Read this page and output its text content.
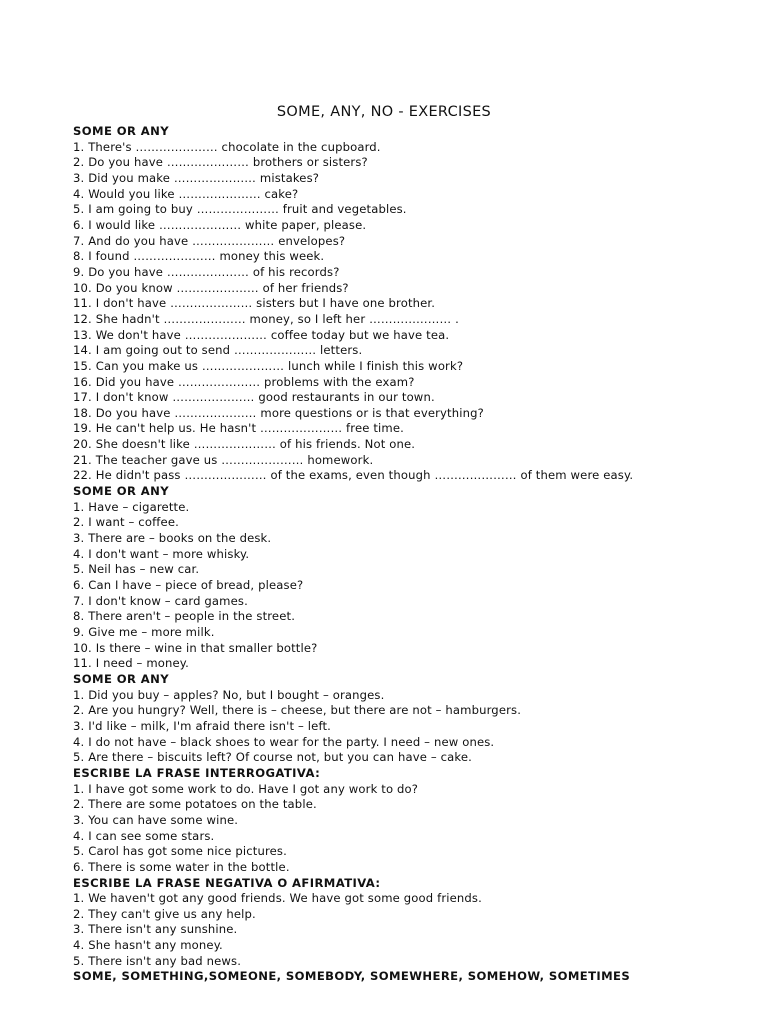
SOME, ANY, NO - EXERCISES
SOME OR ANY
1. There's ………………… chocolate in the cupboard.
2. Do you have ………………… brothers or sisters?
3. Did you make ………………… mistakes?
4. Would you like ………………… cake?
5. I am going to buy ………………… fruit and vegetables.
6. I would like ………………… white paper, please.
7. And do you have ………………… envelopes?
8. I found ………………… money this week.
9. Do you have ………………… of his records?
10. Do you know ………………… of her friends?
11. I don't have ………………… sisters but I have one brother.
12. She hadn't ………………… money, so I left her ………………… .
13. We don't have ………………… coffee today but we have tea.
14. I am going out to send ………………… letters.
15. Can you make us ………………… lunch while I finish this work?
16. Did you have ………………… problems with the exam?
17. I don't know ………………… good restaurants in our town.
18. Do you have ………………… more questions or is that everything?
19. He can't help us. He hasn't ………………… free time.
20. She doesn't like ………………… of his friends. Not one.
21. The teacher gave us ………………… homework.
22. He didn't pass ………………… of the exams, even though ………………… of them were easy.
SOME OR ANY
1. Have – cigarette.
2. I want – coffee.
3. There are – books on the desk.
4. I don't want – more whisky.
5. Neil has – new car.
6. Can I have – piece of bread, please?
7. I don't know – card games.
8. There aren't – people in the street.
9. Give me – more milk.
10. Is there – wine in that smaller bottle?
11. I need – money.
SOME OR ANY
1. Did you buy – apples? No, but I bought – oranges.
2. Are you hungry? Well, there is – cheese, but there are not – hamburgers.
3. I'd like – milk, I'm afraid there isn't – left.
4. I do not have – black shoes to wear for the party. I need – new ones.
5. Are there – biscuits left? Of course not, but you can have – cake.
ESCRIBE LA FRASE INTERROGATIVA:
1. I have got some work to do. Have I got any work to do?
2. There are some potatoes on the table.
3. You can have some wine.
4. I can see some stars.
5. Carol has got some nice pictures.
6. There is some water in the bottle.
ESCRIBE LA FRASE NEGATIVA O AFIRMATIVA:
1. We haven't got any good friends. We have got some good friends.
2. They can't give us any help.
3. There isn't any sunshine.
4. She hasn't any money.
5. There isn't any bad news.
SOME, SOMETHING,SOMEONE, SOMEBODY, SOMEWHERE, SOMEHOW, SOMETIMES
